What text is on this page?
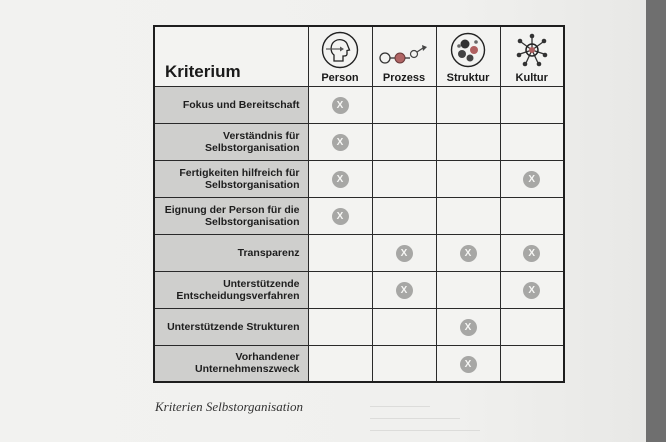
Kriterium	Person	Prozess	Struktur	Kultur

Fokus und Bereitschaft	X			
Verständnis für Selbstorganisation	X			
Fertigkeiten hilfreich für Selbstorganisation	X			X
Eignung der Person für die Selbstorganisation	X			
Transparenz		X	X	X
Unterstützende Entscheidungsverfahren		X		X
Unterstützende Strukturen			X	
Vorhandener Unternehmenszweck			X	
Kriterien Selbstorganisation
